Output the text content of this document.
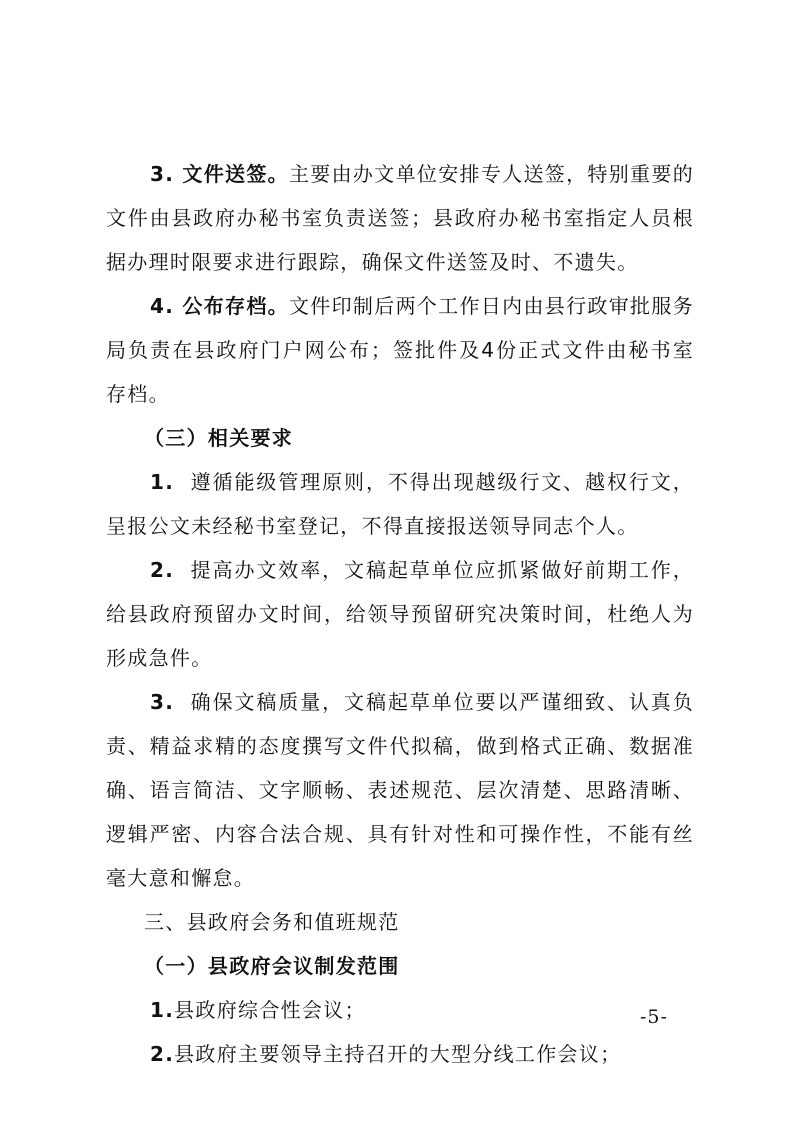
3. 文件送签。主要由办文单位安排专人送签，特别重要的文件由县政府办秘书室负责送签；县政府办秘书室指定人员根据办理时限要求进行跟踪，确保文件送签及时、不遗失。

4. 公布存档。文件印制后两个工作日内由县行政审批服务局负责在县政府门户网公布；签批件及4份正式文件由秘书室存档。

（三）相关要求

1. 遵循能级管理原则，不得出现越级行文、越权行文，呈报公文未经秘书室登记，不得直接报送领导同志个人。

2. 提高办文效率，文稿起草单位应抓紧做好前期工作，给县政府预留办文时间，给领导预留研究决策时间，杜绝人为形成急件。

3. 确保文稿质量，文稿起草单位要以严谨细致、认真负责、精益求精的态度撰写文件代拟稿，做到格式正确、数据准确、语言简洁、文字顺畅、表述规范、层次清楚、思路清晰、逻辑严密、内容合法合规、具有针对性和可操作性，不能有丝毫大意和懈怠。

三、县政府会务和值班规范

（一）县政府会议制发范围

1.县政府综合性会议；

2.县政府主要领导主持召开的大型分线工作会议；

-5-
